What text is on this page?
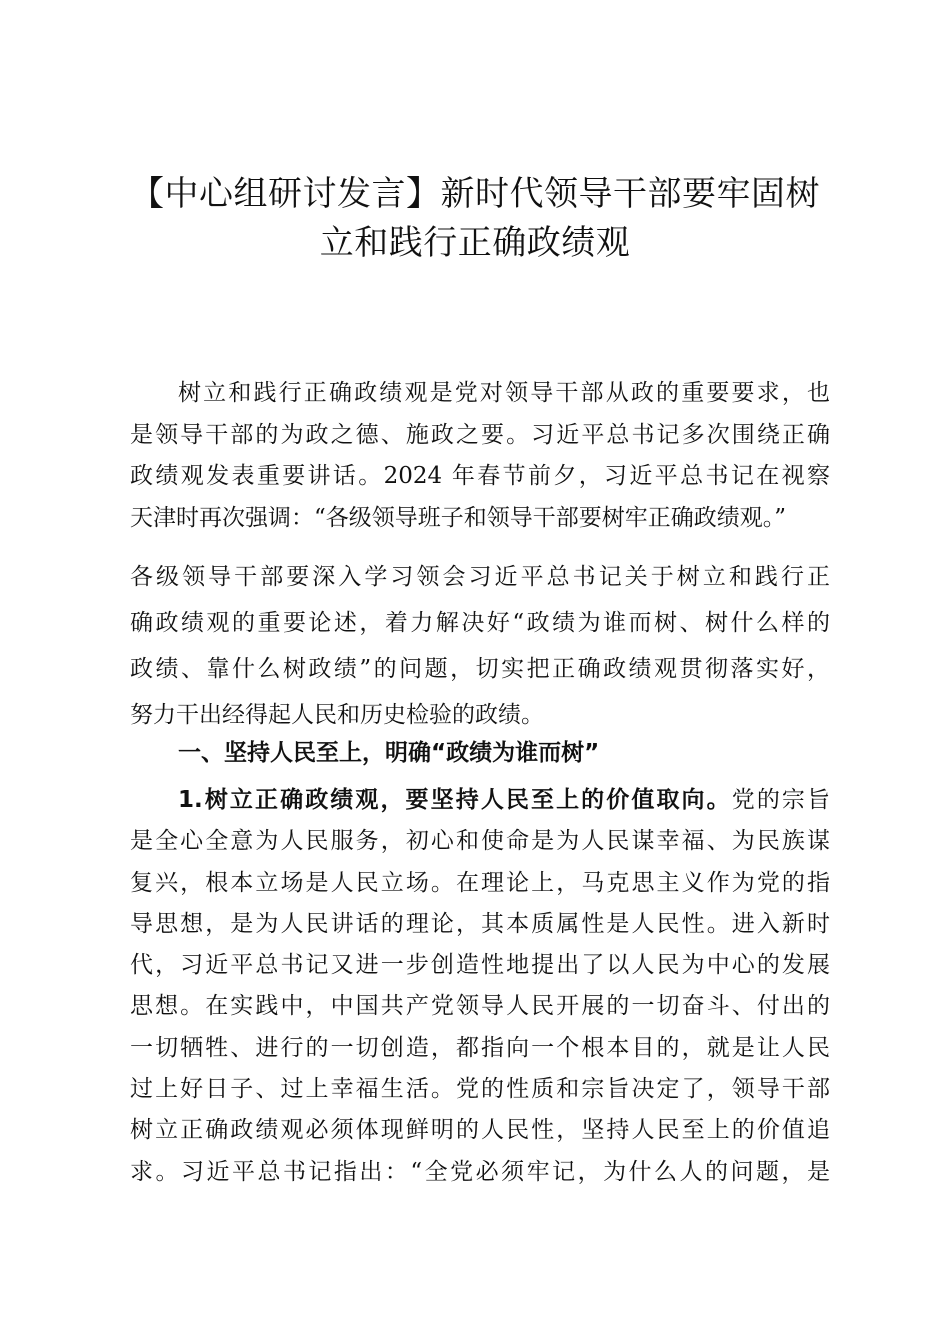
【中心组研讨发言】新时代领导干部要牢固树
立和践行正确政绩观

树立和践行正确政绩观是党对领导干部从政的重要要求，也
是领导干部的为政之德、施政之要。习近平总书记多次围绕正确
政绩观发表重要讲话。2024 年春节前夕，习近平总书记在视察
天津时再次强调：“各级领导班子和领导干部要树牢正确政绩观。”

各级领导干部要深入学习领会习近平总书记关于树立和践行正
确政绩观的重要论述，着力解决好“政绩为谁而树、树什么样的
政绩、靠什么树政绩”的问题，切实把正确政绩观贯彻落实好，
努力干出经得起人民和历史检验的政绩。

一、坚持人民至上，明确“政绩为谁而树”

1.树立正确政绩观，要坚持人民至上的价值取向。党的宗旨
是全心全意为人民服务，初心和使命是为人民谋幸福、为民族谋
复兴，根本立场是人民立场。在理论上，马克思主义作为党的指
导思想，是为人民讲话的理论，其本质属性是人民性。进入新时
代，习近平总书记又进一步创造性地提出了以人民为中心的发展
思想。在实践中，中国共产党领导人民开展的一切奋斗、付出的
一切牺牲、进行的一切创造，都指向一个根本目的，就是让人民
过上好日子、过上幸福生活。党的性质和宗旨决定了，领导干部
树立正确政绩观必须体现鲜明的人民性，坚持人民至上的价值追
求。习近平总书记指出：“全党必须牢记，为什么人的问题，是
